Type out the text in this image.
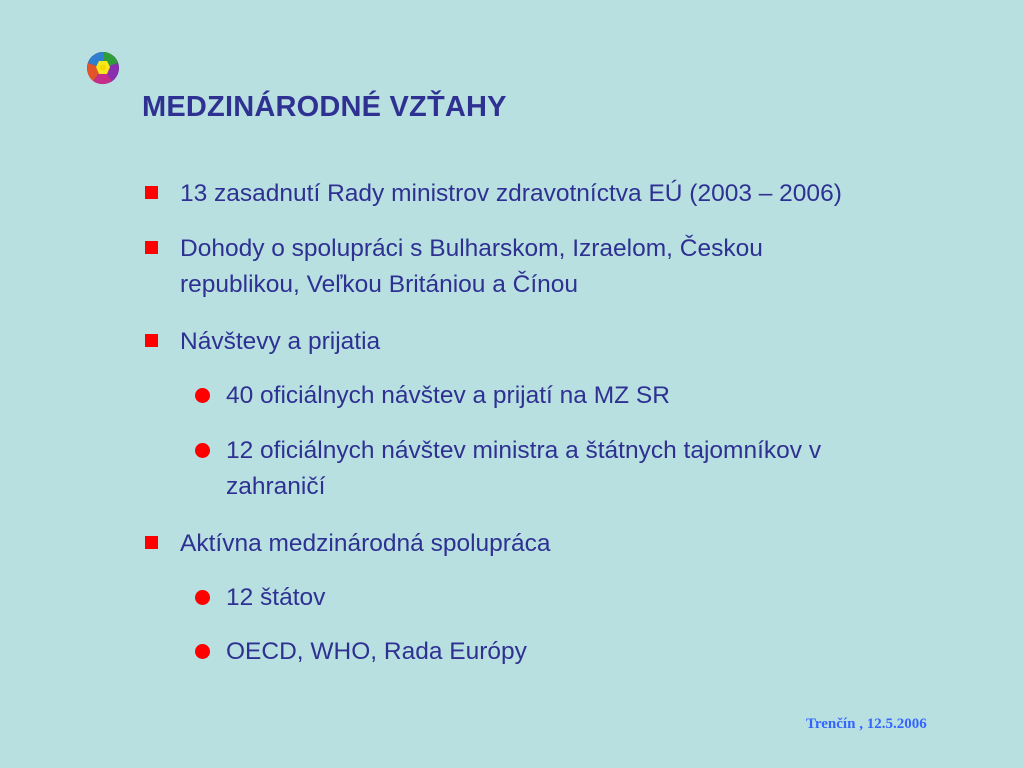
MEDZINÁRODNÉ VZŤAHY
13 zasadnutí Rady ministrov zdravotníctva EÚ (2003 – 2006)
Dohody o spolupráci s Bulharskom, Izraelom, Českou
republikou, Veľkou Britániou a Čínou
Návštevy a prijatia
40 oficiálnych návštev a prijatí na MZ SR
12 oficiálnych návštev ministra a štátnych tajomníkov v
zahraničí
Aktívna medzinárodná spolupráca
12 štátov
OECD, WHO, Rada Európy
Trenčín , 12.5.2006
